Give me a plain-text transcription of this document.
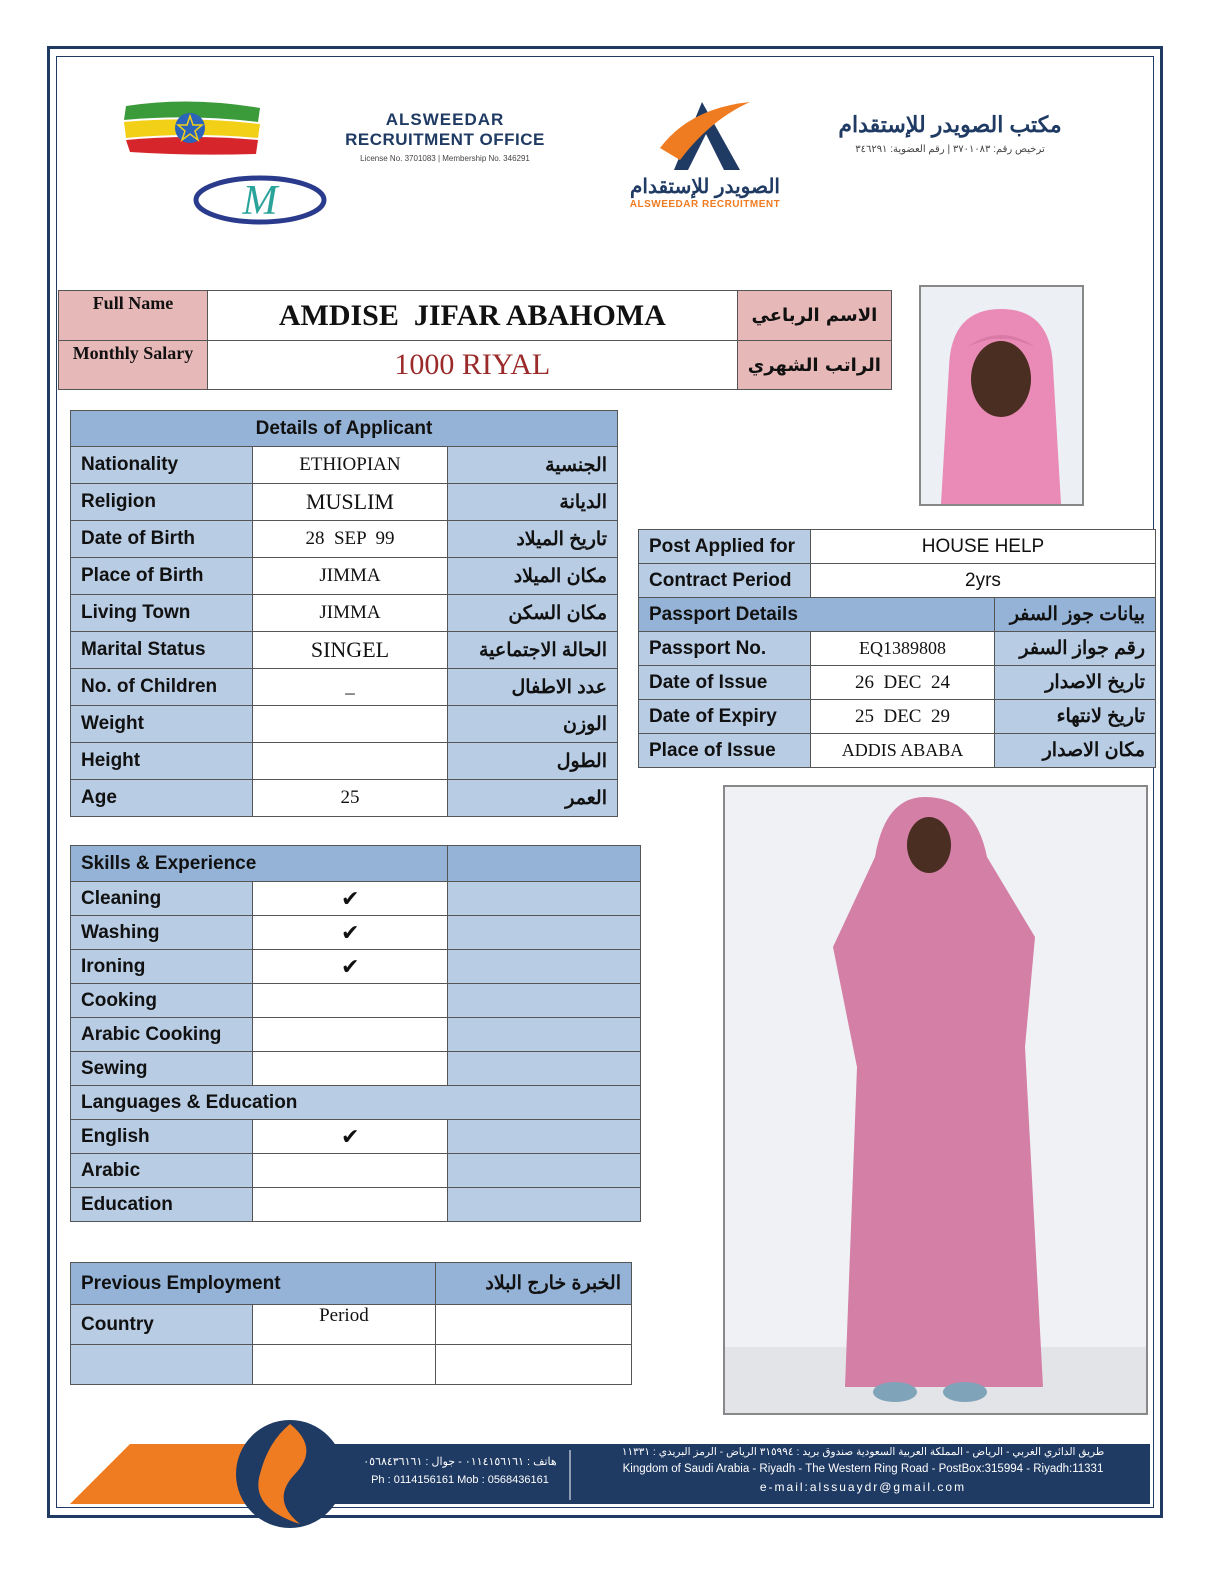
M
ALSWEEDAR
RECRUITMENT OFFICE
License No. 3701083 | Membership No. 346291
الصويدر للإستقدام
ALSWEEDAR RECRUITMENT
مكتب الصويدر للإستقدام
ترخيص رقم: ٣٧٠١٠٨٣ | رقم العضوية: ٣٤٦٢٩١
Full Name	AMDISE  JIFAR ABAHOMA	الاسم الرباعي
Monthly Salary	1000 RIYAL	الراتب الشهري
Details of Applicant		
Nationality	ETHIOPIAN	الجنسية
Religion	MUSLIM	الديانة
Date of Birth	28  SEP  99	تاريخ الميلاد
Place of Birth	JIMMA	مكان الميلاد
Living Town	JIMMA	مكان السكن
Marital Status	SINGEL	الحالة الاجتماعية
No. of Children	_	عدد الاطفال
Weight		الوزن
Height		الطول
Age	25	العمر
Post Applied for	HOUSE HELP	
Contract Period	2yrs	
Passport Details		بيانات جوز السفر
Passport No.	EQ1389808	رقم جواز السفر
Date of Issue	26  DEC  24	تاريخ الاصدار
Date of Expiry	25  DEC  29	تاريخ لانتهاء
Place of Issue	ADDIS ABABA	مكان الاصدار
Skills & Experience		
Cleaning	✔	
Washing	✔	
Ironing	✔	
Cooking		
Arabic Cooking		
Sewing		
Languages & Education		
English	✔	
Arabic		
Education		
Previous Employment		الخبرة خارج البلاد
Country	Period	

هاتف : ٠١١٤١٥٦١٦١ - جوال : ٠٥٦٨٤٣٦١٦١
Ph : 0114156161 Mob : 0568436161
طريق الدائري الغربي - الرياض - المملكة العربية السعودية صندوق بريد : ٣١٥٩٩٤ الرياض - الرمز البريدي : ١١٣٣١
Kingdom of Saudi Arabia - Riyadh - The Western Ring Road - PostBox:315994 - Riyadh:11331
e-mail:alssuaydr@gmail.com
